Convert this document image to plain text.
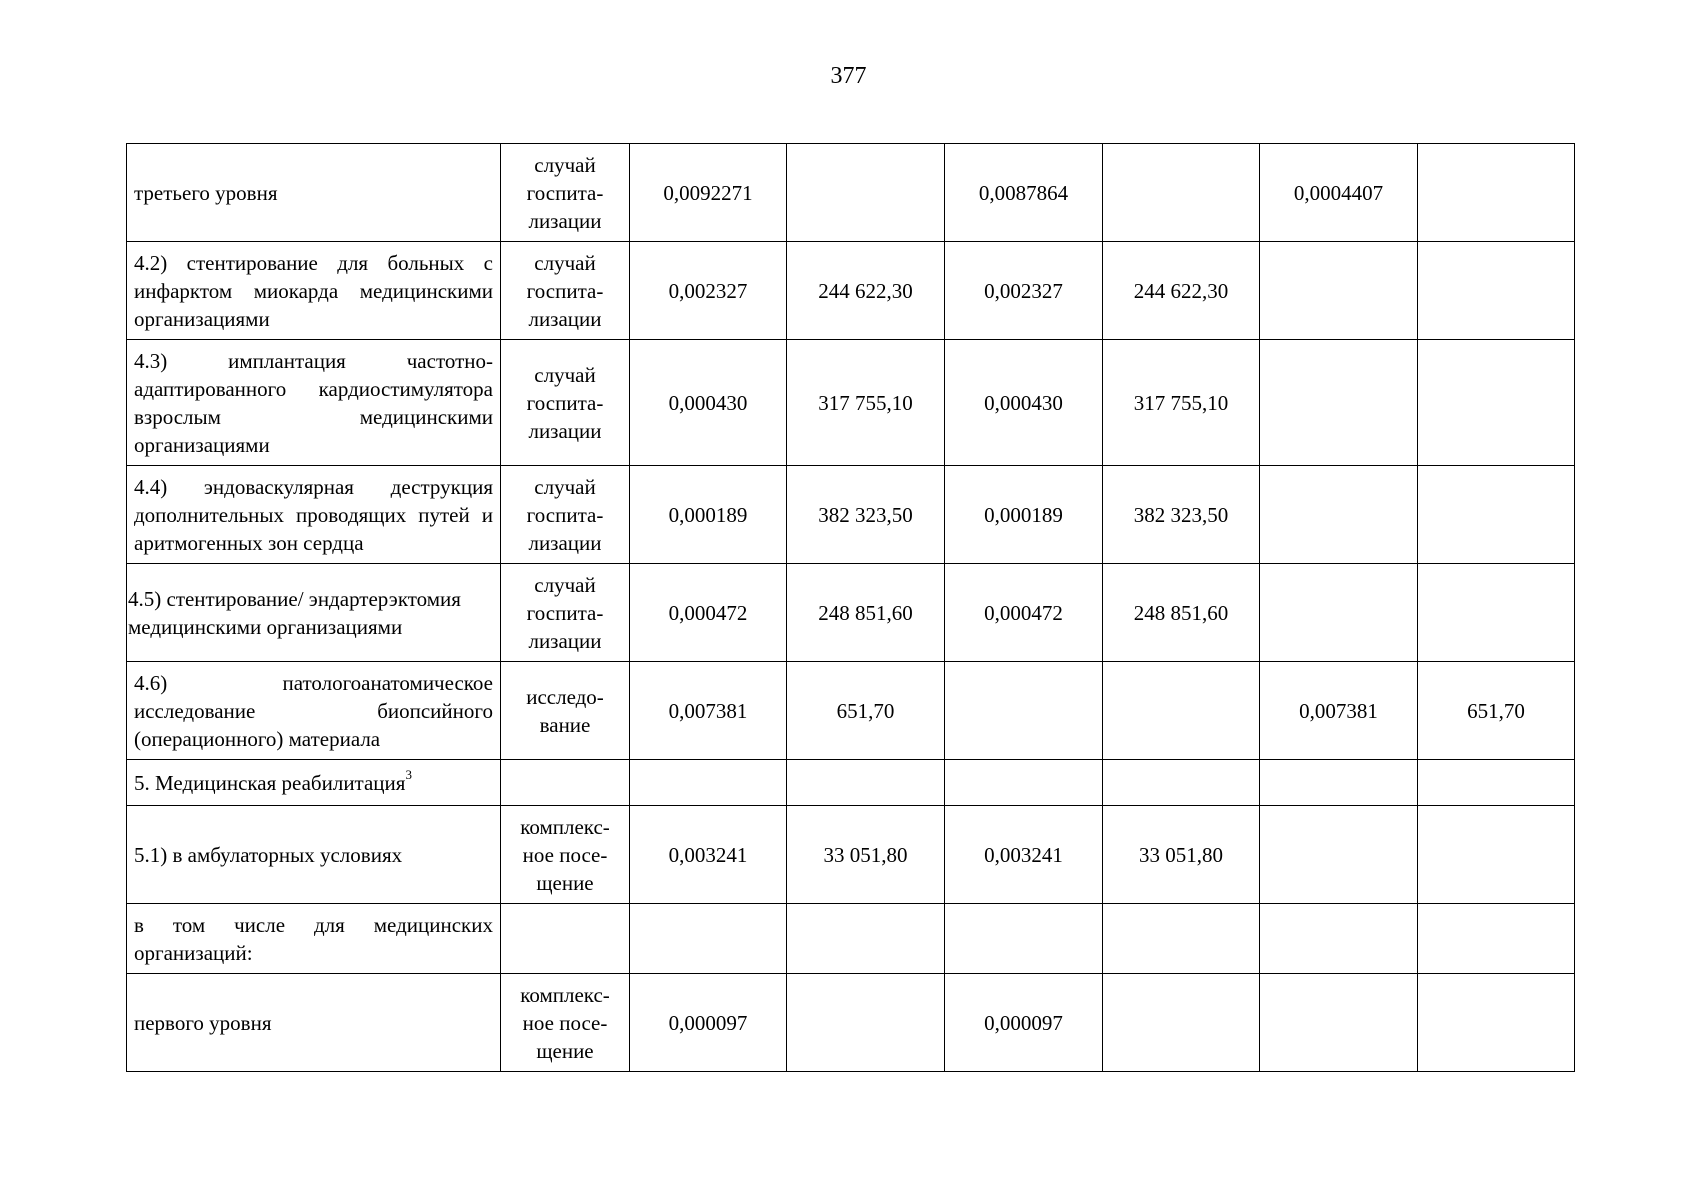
377
третьего уровня	случай
госпита-
лизации	0,0092271		0,0087864		0,0004407	
4.2) стентирование для больных с инфарктом миокарда медицинскими организациями	случай
госпита-
лизации	0,002327	244 622,30	0,002327	244 622,30		
4.3) имплантация частотно-адаптированного кардиостимулятора взрослым медицинскими организациями	случай
госпита-
лизации	0,000430	317 755,10	0,000430	317 755,10		
4.4) эндоваскулярная деструкция дополнительных проводящих путей и аритмогенных зон сердца	случай
госпита-
лизации	0,000189	382 323,50	0,000189	382 323,50		
4.5) стентирование/ эндартерэктомия медицинскими организациями	случай
госпита-
лизации	0,000472	248 851,60	0,000472	248 851,60		
4.6) патологоанатомическое исследование биопсийного (операционного) материала	исследо-
вание	0,007381	651,70			0,007381	651,70
5. Медицинская реабилитация$^3$							
5.1) в амбулаторных условиях	комплекс-
ное посе-
щение	0,003241	33 051,80	0,003241	33 051,80		
в том числе для медицинских организаций:							
первого уровня	комплекс-
ное посе-
щение	0,000097		0,000097			
